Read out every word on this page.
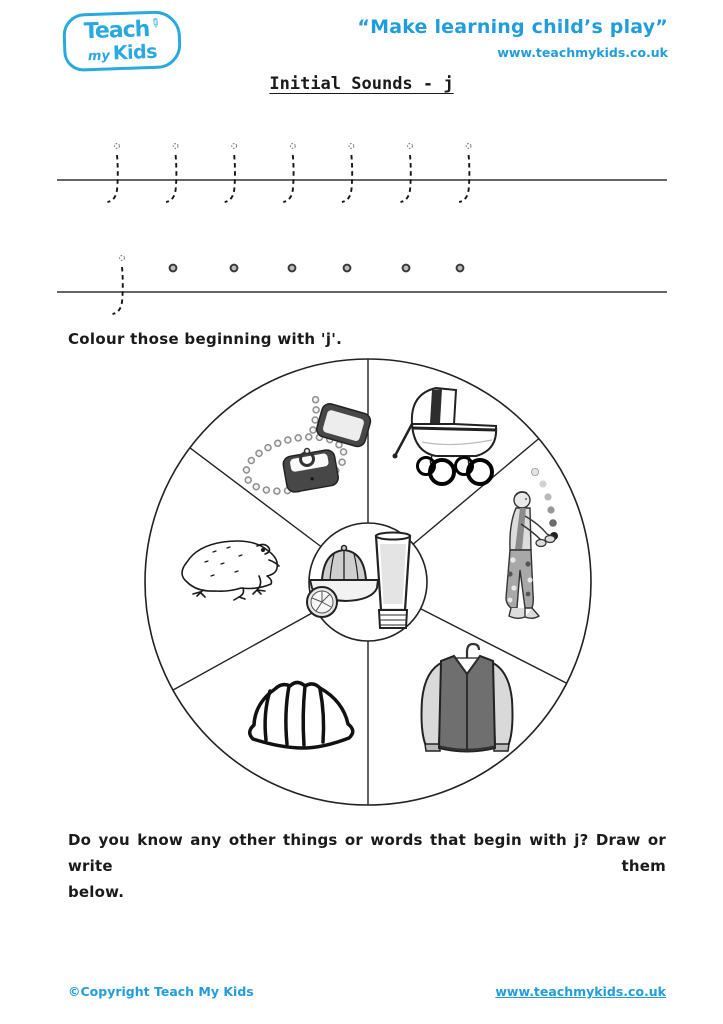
Teach
✎
my Kids
“Make learning child’s play”
www.teachmykids.co.uk
Initial Sounds - j
Colour those beginning with 'j'.
Do you know any other things or words that begin with j? Draw or write them
below.
©Copyright Teach My Kids	www.teachmykids.co.uk
